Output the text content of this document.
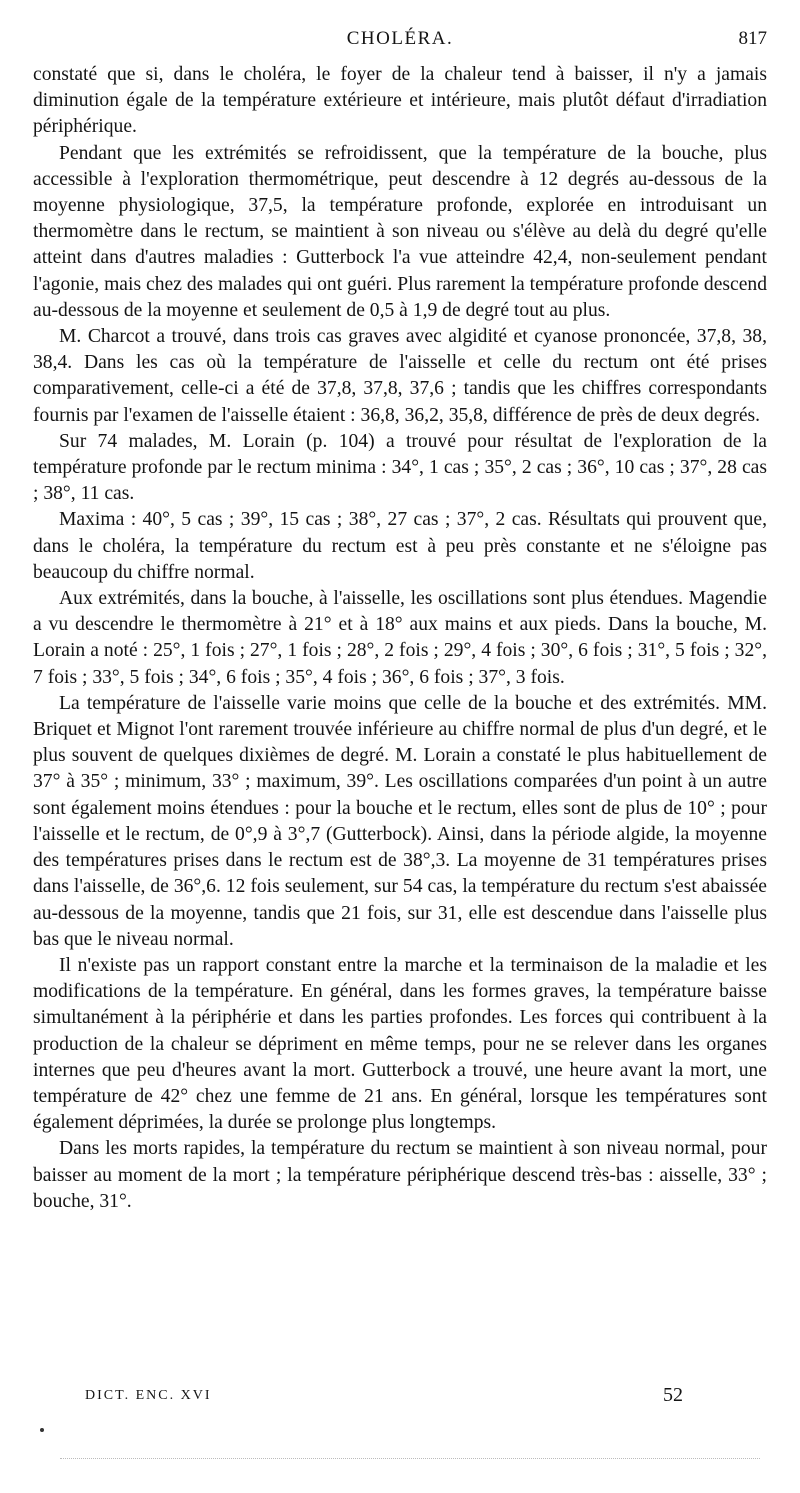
CHOLÉRA.	817

constaté que si, dans le choléra, le foyer de la chaleur tend à baisser, il n'y a jamais diminution égale de la température extérieure et intérieure, mais plutôt défaut d'irradiation périphérique.

Pendant que les extrémités se refroidissent, que la température de la bouche, plus accessible à l'exploration thermométrique, peut descendre à 12 degrés au-dessous de la moyenne physiologique, 37,5, la température profonde, explorée en introduisant un thermomètre dans le rectum, se maintient à son niveau ou s'élève au delà du degré qu'elle atteint dans d'autres maladies : Gutterbock l'a vue atteindre 42,4, non-seulement pendant l'agonie, mais chez des malades qui ont guéri. Plus rarement la température profonde descend au-dessous de la moyenne et seulement de 0,5 à 1,9 de degré tout au plus.

M. Charcot a trouvé, dans trois cas graves avec algidité et cyanose prononcée, 37,8, 38, 38,4. Dans les cas où la température de l'aisselle et celle du rectum ont été prises comparativement, celle-ci a été de 37,8, 37,8, 37,6 ; tandis que les chiffres correspondants fournis par l'examen de l'aisselle étaient : 36,8, 36,2, 35,8, différence de près de deux degrés.

Sur 74 malades, M. Lorain (p. 104) a trouvé pour résultat de l'exploration de la température profonde par le rectum minima : 34°, 1 cas ; 35°, 2 cas ; 36°, 10 cas ; 37°, 28 cas ; 38°, 11 cas.

Maxima : 40°, 5 cas ; 39°, 15 cas ; 38°, 27 cas ; 37°, 2 cas. Résultats qui prouvent que, dans le choléra, la température du rectum est à peu près constante et ne s'éloigne pas beaucoup du chiffre normal.

Aux extrémités, dans la bouche, à l'aisselle, les oscillations sont plus étendues. Magendie a vu descendre le thermomètre à 21° et à 18° aux mains et aux pieds. Dans la bouche, M. Lorain a noté : 25°, 1 fois ; 27°, 1 fois ; 28°, 2 fois ; 29°, 4 fois ; 30°, 6 fois ; 31°, 5 fois ; 32°, 7 fois ; 33°, 5 fois ; 34°, 6 fois ; 35°, 4 fois ; 36°, 6 fois ; 37°, 3 fois.

La température de l'aisselle varie moins que celle de la bouche et des extrémités. MM. Briquet et Mignot l'ont rarement trouvée inférieure au chiffre normal de plus d'un degré, et le plus souvent de quelques dixièmes de degré. M. Lorain a constaté le plus habituellement de 37° à 35° ; minimum, 33° ; maximum, 39°. Les oscillations comparées d'un point à un autre sont également moins étendues : pour la bouche et le rectum, elles sont de plus de 10° ; pour l'aisselle et le rectum, de 0°,9 à 3°,7 (Gutterbock). Ainsi, dans la période algide, la moyenne des températures prises dans le rectum est de 38°,3. La moyenne de 31 températures prises dans l'aisselle, de 36°,6. 12 fois seulement, sur 54 cas, la température du rectum s'est abaissée au-dessous de la moyenne, tandis que 21 fois, sur 31, elle est descendue dans l'aisselle plus bas que le niveau normal.

Il n'existe pas un rapport constant entre la marche et la terminaison de la maladie et les modifications de la température. En général, dans les formes graves, la température baisse simultanément à la périphérie et dans les parties profondes. Les forces qui contribuent à la production de la chaleur se dépriment en même temps, pour ne se relever dans les organes internes que peu d'heures avant la mort. Gutterbock a trouvé, une heure avant la mort, une température de 42° chez une femme de 21 ans. En général, lorsque les températures sont également déprimées, la durée se prolonge plus longtemps.

Dans les morts rapides, la température du rectum se maintient à son niveau normal, pour baisser au moment de la mort ; la température périphérique descend très-bas : aisselle, 33° ; bouche, 31°.

DICT. ENC. XVI	52
